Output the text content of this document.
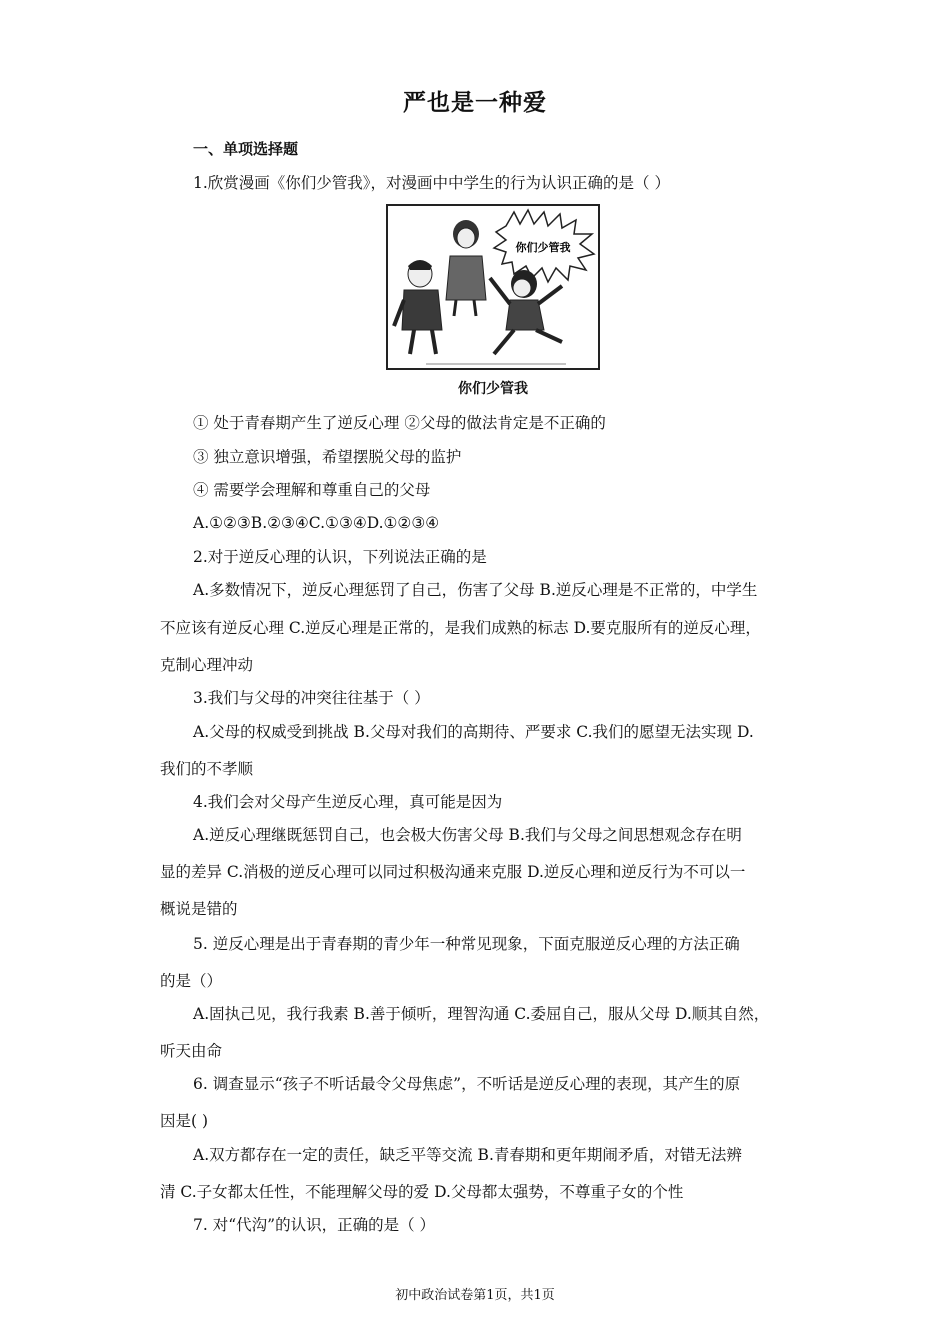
严也是一种爱
一、单项选择题
1.欣赏漫画《你们少管我》，对漫画中中学生的行为认识正确的是（ ）
你们少管我
你们少管我
① 处于青春期产生了逆反心理 ②父母的做法肯定是不正确的
③ 独立意识增强，希望摆脱父母的监护
④ 需要学会理解和尊重自己的父母
A.①②③B.②③④C.①③④D.①②③④
2.对于逆反心理的认识，下列说法正确的是
A.多数情况下，逆反心理惩罚了自己，伤害了父母 B.逆反心理是不正常的，中学生
不应该有逆反心理 C.逆反心理是正常的，是我们成熟的标志 D.要克服所有的逆反心理，
克制心理冲动
3.我们与父母的冲突往往基于（ ）
A.父母的权威受到挑战 B.父母对我们的高期待、严要求 C.我们的愿望无法实现 D.
我们的不孝顺
4.我们会对父母产生逆反心理，真可能是因为
A.逆反心理继既惩罚自己，也会极大伤害父母 B.我们与父母之间思想观念存在明
显的差异 C.消极的逆反心理可以同过积极沟通来克服 D.逆反心理和逆反行为不可以一
概说是错的
5. 逆反心理是出于青春期的青少年一种常见现象，下面克服逆反心理的方法正确
的是（）
A.固执己见，我行我素 B.善于倾听，理智沟通 C.委屈自己，服从父母 D.顺其自然，
听天由命
6. 调查显示“孩子不听话最令父母焦虑”，不听话是逆反心理的表现，其产生的原
因是( )
A.双方都存在一定的责任，缺乏平等交流 B.青春期和更年期闹矛盾，对错无法辨
清 C.子女都太任性，不能理解父母的爱 D.父母都太强势，不尊重子女的个性
7. 对“代沟”的认识，正确的是（ ）
初中政治试卷第1页，共1页
